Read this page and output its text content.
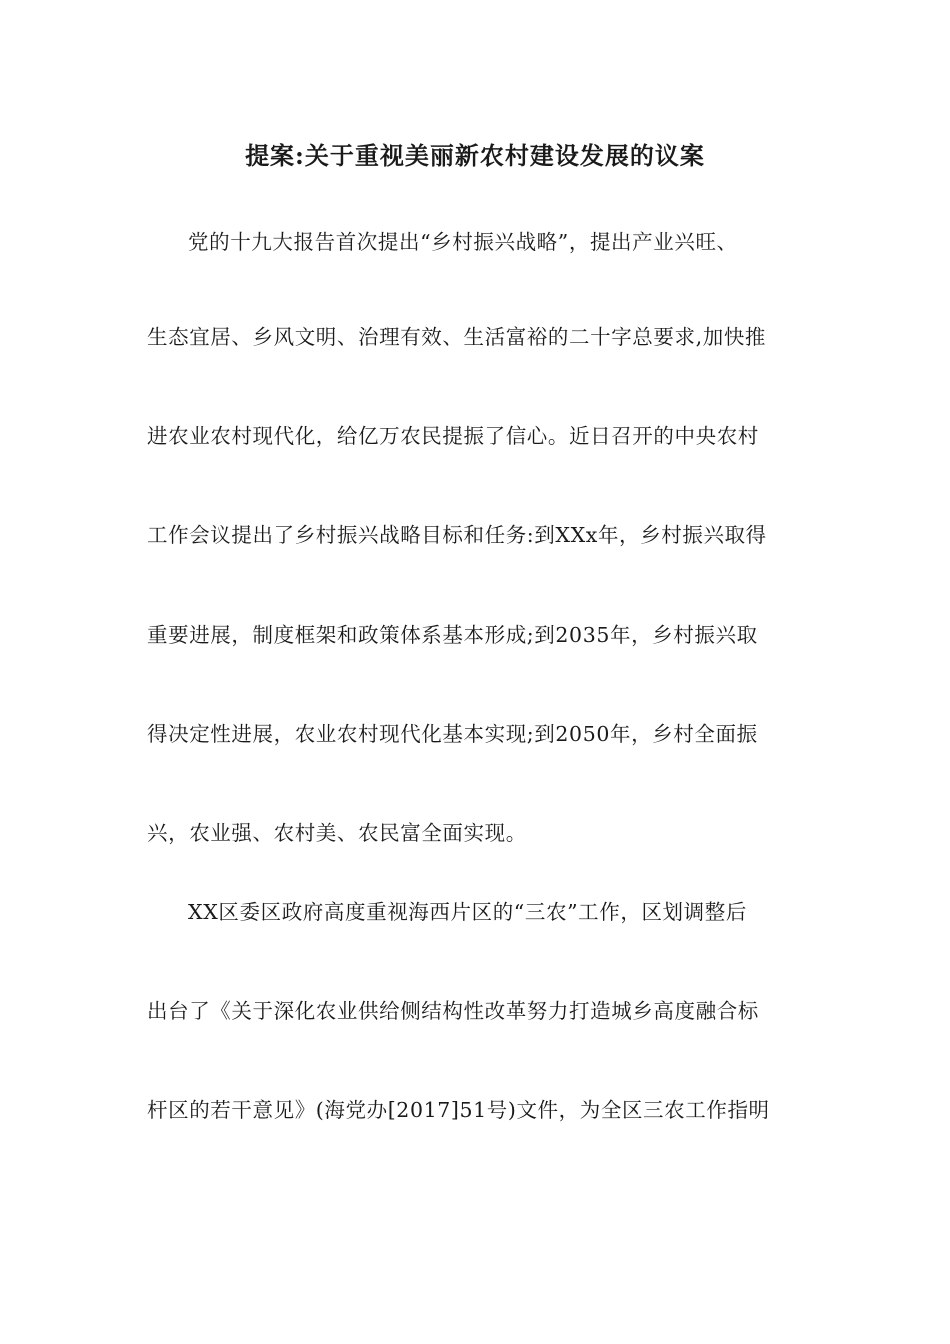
提案:关于重视美丽新农村建设发展的议案
党的十九大报告首次提出“乡村振兴战略”，提出产业兴旺、
生态宜居、乡风文明、治理有效、生活富裕的二十字总要求,加快推
进农业农村现代化，给亿万农民提振了信心。近日召开的中央农村
工作会议提出了乡村振兴战略目标和任务:到XXx年，乡村振兴取得
重要进展，制度框架和政策体系基本形成;到2035年，乡村振兴取
得决定性进展，农业农村现代化基本实现;到2050年，乡村全面振
兴，农业强、农村美、农民富全面实现。
XX区委区政府高度重视海西片区的“三农”工作，区划调整后
出台了《关于深化农业供给侧结构性改革努力打造城乡高度融合标
杆区的若干意见》(海党办[2017]51号)文件，为全区三农工作指明
